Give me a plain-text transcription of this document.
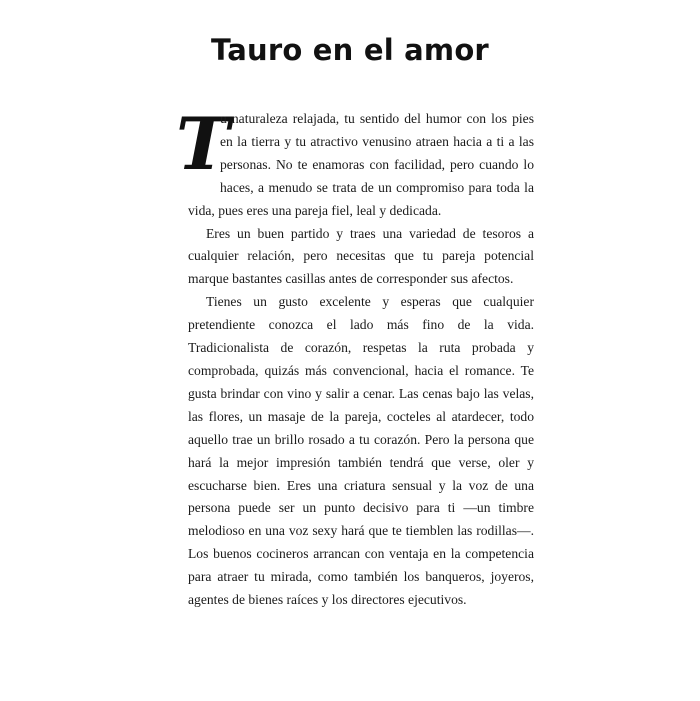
Tauro en el amor

T
u naturaleza relajada, tu sentido del humor con los pies en la tierra y tu atractivo venusino atraen hacia a ti a las personas. No te enamoras con facilidad, pero cuando lo haces, a menudo se trata de un compromiso para toda la vida, pues eres una pareja fiel, leal y dedicada.

Eres un buen partido y traes una variedad de tesoros a cualquier relación, pero necesitas que tu pareja potencial marque bastantes casillas antes de corresponder sus afectos.

Tienes un gusto excelente y esperas que cualquier pretendiente conozca el lado más fino de la vida. Tradicionalista de corazón, respetas la ruta probada y comprobada, quizás más convencional, hacia el romance. Te gusta brindar con vino y salir a cenar. Las cenas bajo las velas, las flores, un masaje de la pareja, cocteles al atardecer, todo aquello trae un brillo rosado a tu corazón. Pero la persona que hará la mejor impresión también tendrá que verse, oler y escucharse bien. Eres una criatura sensual y la voz de una persona puede ser un punto decisivo para ti —un timbre melodioso en una voz sexy hará que te tiemblen las rodillas—. Los buenos cocineros arrancan con ventaja en la competencia para atraer tu mirada, como también los banqueros, joyeros, agentes de bienes raíces y los directores ejecutivos.
